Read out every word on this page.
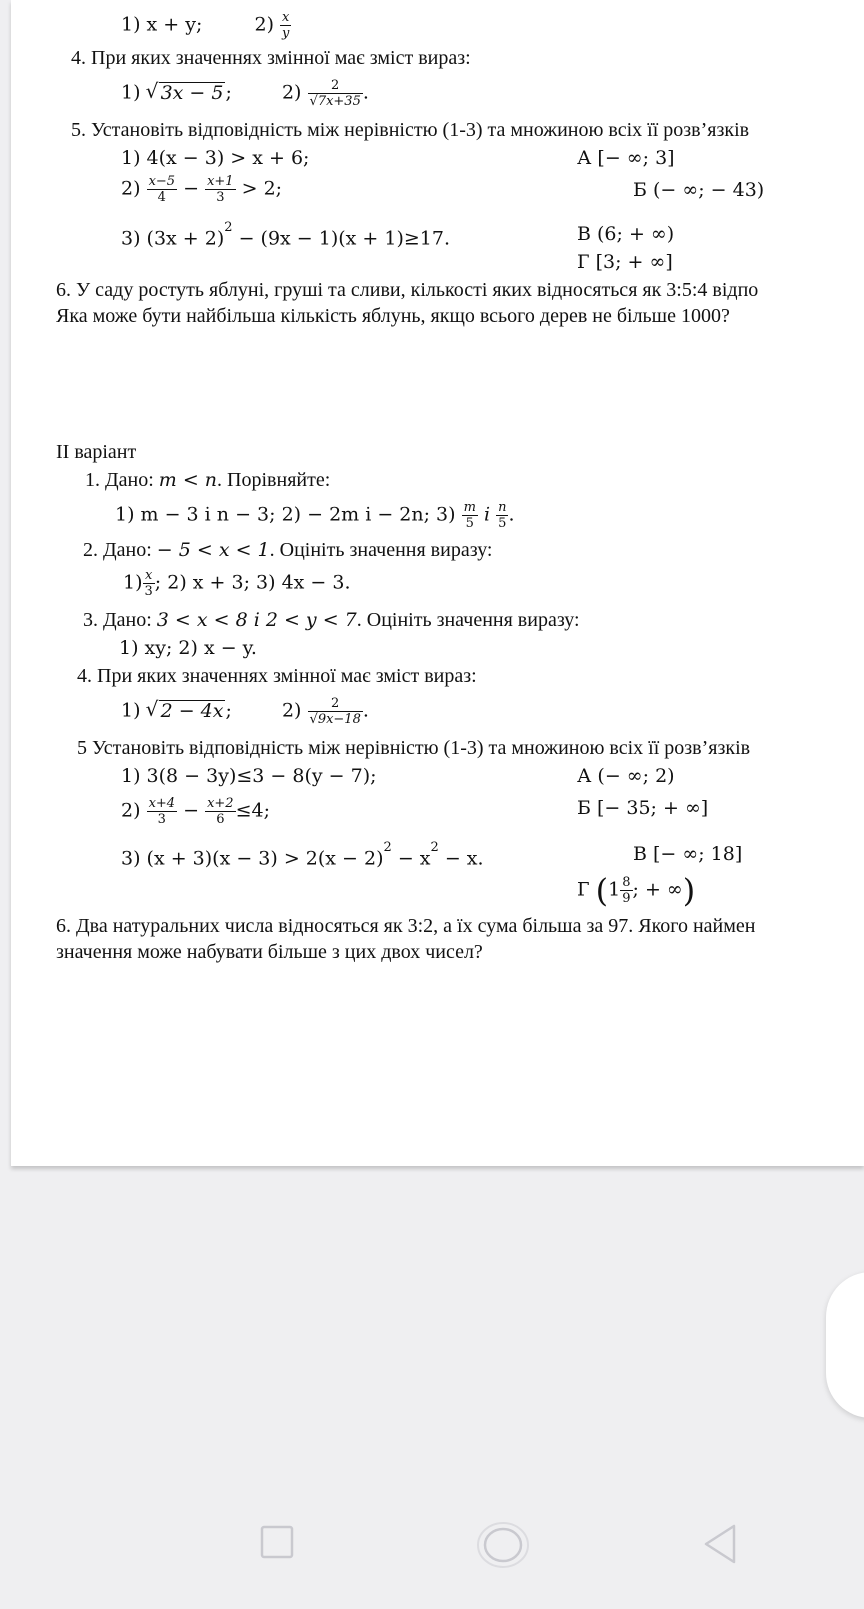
1) x + y;	$2) \frac{x}{y}$
4. При яких значеннях змінної має зміст вираз:
1) √ 3x − 5 ;	$2) \frac{2}{√7x+35}$ .
5. Установіть відповідність між нерівністю (1-3) та множиною всіх її розв’язків
1) 4(x − 3) > x + 6;	А [− ∞; 3]
$2) \frac{x-5}{4} - \frac{x+1}{3} > 2$;	Б (− ∞; − 43)
3) $(3x + 2)^2 - (9x - 1)(x + 1)\ge 17$.	В (6; + ∞)
Г [3; + ∞]
6. У саду ростуть яблуні, груші та сливи, кількості яких відносяться як 3:5:4 відпо
Яка може бути найбільша кількість яблунь, якщо всього дерев не більше 1000?
ІІ варіант
1. Дано: m < n. Порівняйте:
1) m − 3 і n − 3; 2) − 2m і − 2n; $3) \frac{m}{5}$ і $\frac{n}{5}$ .
2. Дано: − 5 < x < 1. Оцініть значення виразу:
$1) \frac{x}{3}$ ; 2) x + 3; 3) 4x − 3.
3. Дано: 3 < x < 8 і 2 < y < 7. Оцініть значення виразу:
1) xy; 2) x − y.
4. При яких значеннях змінної має зміст вираз:
1) √ 2 − 4x ;	$2) \frac{2}{√9x-18}$ .
5 Установіть відповідність між нерівністю (1-3) та множиною всіх її розв’язків
1) 3(8 − 3y)≤3 − 8(y − 7);	А (− ∞; 2)
$2) \frac{x+4}{3} - \frac{x+2}{6} \le 4$;	Б [− 35; + ∞]
3) $(x + 3)(x - 3) > 2(x - 2)^2 - x^2 - x$.	В [− ∞; 18]
Г ($1 \frac{8}{9}$ ; + ∞)
6. Два натуральних числа відносяться як 3:2, а їх сума більша за 97. Якого наймен
значення може набувати більше з цих двох чисел?
